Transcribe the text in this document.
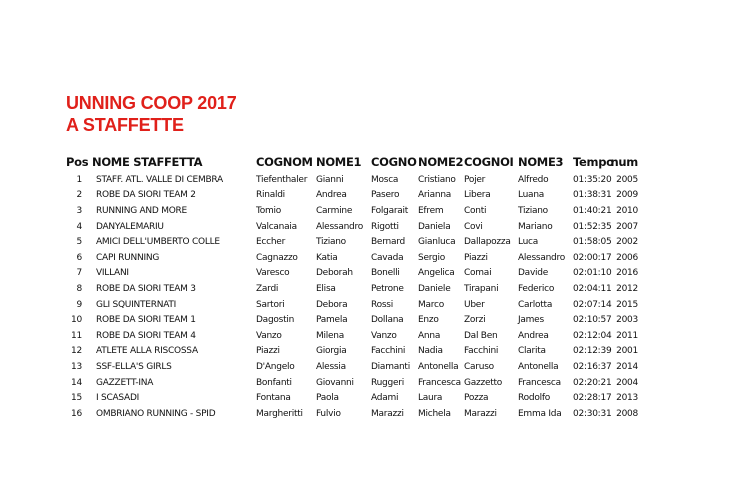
UNNING COOP 2017
A STAFFETTE
Pos	NOME STAFFETTA	COGNOM	NOME1	COGNO	NOME2	COGNOI	NOME3	Tempo	num
1	STAFF. ATL. VALLE DI CEMBRA	Tiefenthaler	Gianni	Mosca	Cristiano	Pojer	Alfredo	01:35:20	2005
2	ROBE DA SIORI TEAM 2	Rinaldi	Andrea	Pasero	Arianna	Libera	Luana	01:38:31	2009
3	RUNNING AND MORE	Tomio	Carmine	Folgarait	Efrem	Conti	Tiziano	01:40:21	2010
4	DANYALEMARIU	Valcanaia	Alessandro	Rigotti	Daniela	Covi	Mariano	01:52:35	2007
5	AMICI DELL'UMBERTO COLLE	Eccher	Tiziano	Bernard	Gianluca	Dallapozza	Luca	01:58:05	2002
6	CAPI RUNNING	Cagnazzo	Katia	Cavada	Sergio	Piazzi	Alessandro	02:00:17	2006
7	VILLANI	Varesco	Deborah	Bonelli	Angelica	Comai	Davide	02:01:10	2016
8	ROBE DA SIORI TEAM 3	Zardi	Elisa	Petrone	Daniele	Tirapani	Federico	02:04:11	2012
9	GLI SQUINTERNATI	Sartori	Debora	Rossi	Marco	Uber	Carlotta	02:07:14	2015
10	ROBE DA SIORI TEAM 1	Dagostin	Pamela	Dollana	Enzo	Zorzi	James	02:10:57	2003
11	ROBE DA SIORI TEAM 4	Vanzo	Milena	Vanzo	Anna	Dal Ben	Andrea	02:12:04	2011
12	ATLETE ALLA RISCOSSA	Piazzi	Giorgia	Facchini	Nadia	Facchini	Clarita	02:12:39	2001
13	SSF-ELLA'S GIRLS	D'Angelo	Alessia	Diamanti	Antonella	Caruso	Antonella	02:16:37	2014
14	GAZZETT-INA	Bonfanti	Giovanni	Ruggeri	Francesca	Gazzetto	Francesca	02:20:21	2004
15	I SCASADI	Fontana	Paola	Adami	Laura	Pozza	Rodolfo	02:28:17	2013
16	OMBRIANO RUNNING - SPID	Margheritti	Fulvio	Marazzi	Michela	Marazzi	Emma Ida	02:30:31	2008
